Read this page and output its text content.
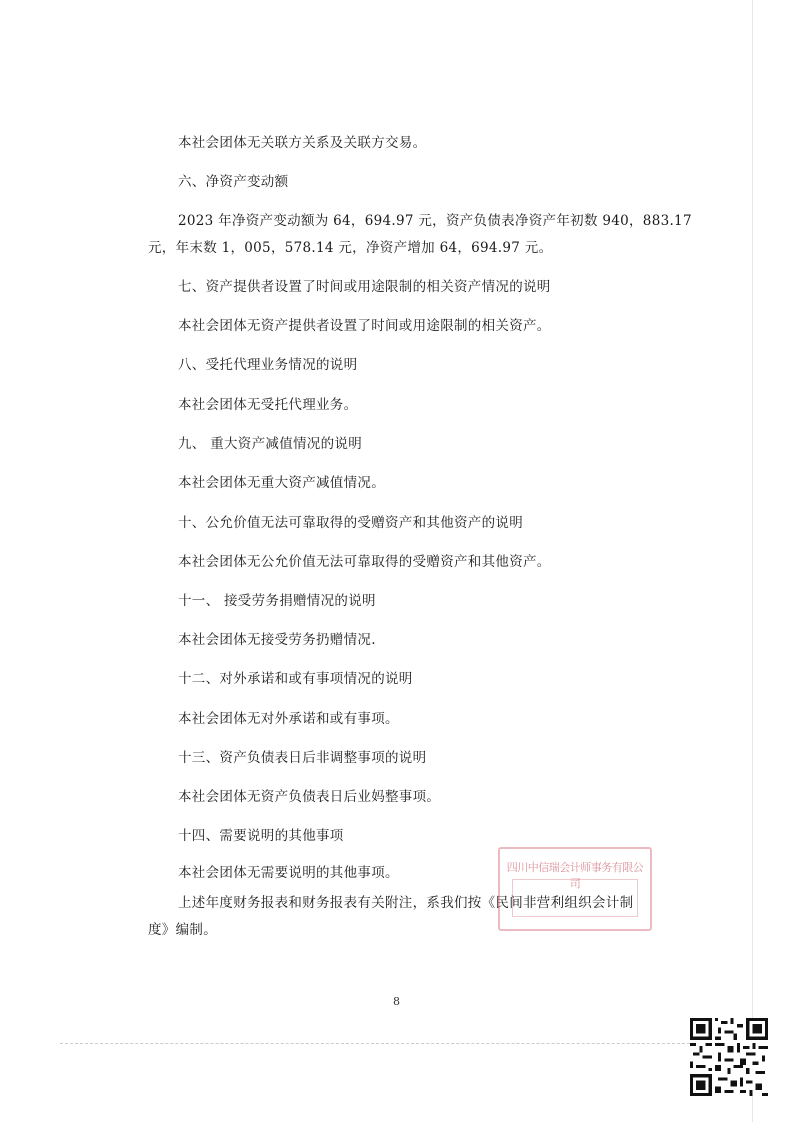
本社会团体无关联方关系及关联方交易。
六、净资产变动额
2023 年净资产变动额为 64，694.97 元，资产负债表净资产年初数 940，883.17
元，年末数 1，005，578.14 元，净资产增加 64，694.97 元。
七、资产提供者设置了时间或用途限制的相关资产情况的说明
本社会团体无资产提供者设置了时间或用途限制的相关资产。
八、受托代理业务情况的说明
本社会团体无受托代理业务。
九、 重大资产减值情况的说明
本社会团体无重大资产减值情况。
十、公允价值无法可靠取得的受赠资产和其他资产的说明
本社会团体无公允价值无法可靠取得的受赠资产和其他资产。
十一、 接受劳务捐赠情况的说明
本社会团体无接受劳务扔赠情况.
十二、对外承诺和或有事项情况的说明
本社会团体无对外承诺和或有事项。
十三、资产负债表日后非调整事项的说明
本社会团体无资产负债表日后业妈整事项。
十四、需要说明的其他事项
本社会团体无需要说明的其他事项。
上述年度财务报表和财务报表有关附注，系我们按《民间非营利组织会计制
度》编制。
四川中信瑞会计师事务有限公司
8
